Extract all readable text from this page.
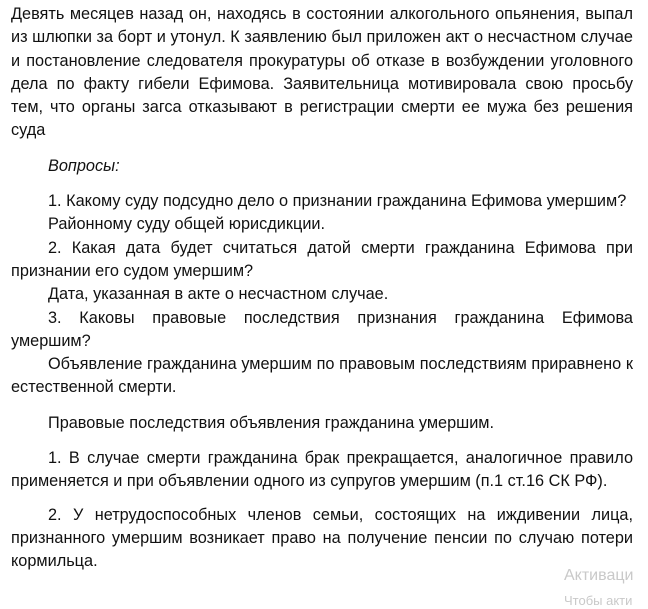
Девять месяцев назад он, находясь в состоянии алкогольного опьянения, выпал из шлюпки за борт и утонул. К заявлению был приложен акт о несчастном случае и постановление следователя прокуратуры об отказе в возбуждении уголовного дела по факту гибели Ефимова. Заявительница мотивировала свою просьбу тем, что органы загса отказывают в регистрации смерти ее мужа без решения суда

Вопросы:

1. Какому суду подсудно дело о признании гражданина Ефимова умершим?

Районному суду общей юрисдикции.

2. Какая дата будет считаться датой смерти гражданина Ефимова при признании его судом умершим?

Дата, указанная в акте о несчастном случае.

3. Каковы правовые последствия признания гражданина Ефимова умершим?

Объявление гражданина умершим по правовым последствиям приравнено к естественной смерти.

Правовые последствия объявления гражданина умершим.

1. В случае смерти гражданина брак прекращается, аналогичное правило применяется и при объявлении одного из супругов умершим (п.1 ст.16 СК РФ).

2. У нетрудоспособных членов семьи, состоящих на иждивении лица, признанного умершим возникает право на получение пенсии по случаю потери кормильца.

Активаци
Чтобы акти
